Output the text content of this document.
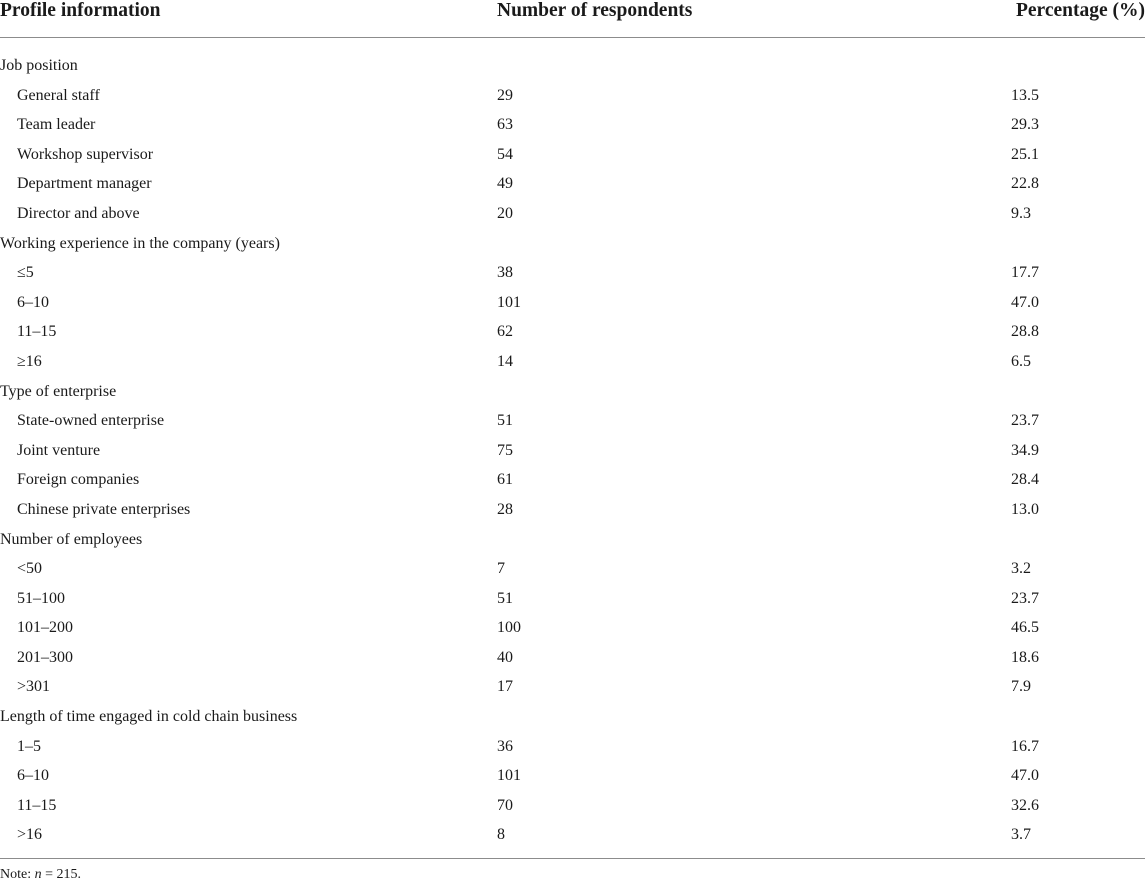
Profile information	Number of respondents	Percentage (%)
Job position
General staff	29	13.5
Team leader	63	29.3
Workshop supervisor	54	25.1
Department manager	49	22.8
Director and above	20	9.3
Working experience in the company (years)
≤5	38	17.7
6–10	101	47.0
11–15	62	28.8
≥16	14	6.5
Type of enterprise
State-owned enterprise	51	23.7
Joint venture	75	34.9
Foreign companies	61	28.4
Chinese private enterprises	28	13.0
Number of employees
<50	7	3.2
51–100	51	23.7
101–200	100	46.5
201–300	40	18.6
>301	17	7.9
Length of time engaged in cold chain business
1–5	36	16.7
6–10	101	47.0
11–15	70	32.6
>16	8	3.7
Note: n = 215.
